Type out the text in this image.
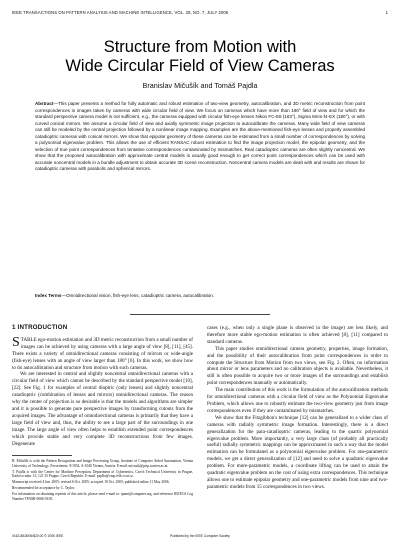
IEEE TRANSACTIONS ON PATTERN ANALYSIS AND MACHINE INTELLIGENCE, VOL. 28, NO. 7, JULY 2006	1
Structure from Motion with
Wide Circular Field of View Cameras
Branislav Mičušík and Tomáš Pajdla
Abstract—This paper presents a method for fully automatic and robust estimation of two-view geometry, autocalibration, and 3D metric reconstruction from point correspondences in images taken by cameras with wide circular field of view. We focus on cameras which have more than 180° field of view and for which the standard perspective camera model is not sufficient, e.g., the cameras equipped with circular fish-eye lenses Nikon FC-E8 (183°), Sigma 8mm-f4-EX (180°), or with curved conical mirrors. We assume a circular field of view and axially symmetric image projection to autocalibrate the cameras. Many wide field of view cameras can still be modeled by the central projection followed by a nonlinear image mapping. Examples are the above-mentioned fish-eye lenses and properly assembled catadioptric cameras with conical mirrors. We show that epipolar geometry of these cameras can be estimated from a small number of correspondences by solving a polynomial eigenvalue problem. This allows the use of efficient RANSAC robust estimation to find the image projection model, the epipolar geometry, and the selection of true point correspondences from tentative correspondences contaminated by mismatches. Real catadioptric cameras are often slightly noncentral. We show that the proposed autocalibration with approximate central models is usually good enough to get correct point correspondences which can be used with accurate noncentral models in a bundle adjustment to obtain accurate 3D scene reconstruction. Noncentral camera models are dealt with and results are shown for catadioptric cameras with parabolic and spherical mirrors.
Index Terms—Omnidirectional vision, fish-eye lens, catadioptric camera, autocalibration.
1 INTRODUCTION

STABLE ego-motion estimation and 3D metric reconstruction from a small number of images can be achieved by using cameras with a large angle of view [8], [11], [45]. There exists a variety of omnidirectional cameras consisting of mirrors or wide-angle (fish-eye) lenses with an angle of view larger than 180° [6]. In this work, we show how to do autocalibration and structure from motion with such cameras.

We are interested in central and slightly noncentral omnidirectional cameras with a circular field of view which cannot be described by the standard perspective model [10], [22]. See Fig. 1 for examples of central dioptric (only lenses) and slightly noncentral catadioptric (combination of lenses and mirrors) omnidirectional cameras. The reason why the center of projection is so desirable is that the models and algorithms are simpler and it is possible to generate pure perspective images by transforming cutouts from the acquired images. The advantage of omnidirectional cameras is primarily that they have a large field of view and, thus, the ability to see a large part of the surroundings in one image. The large angle of view often helps to establish extended point correspondences which provide stable and very complete 3D reconstructions from few images. Degenerate

B. Mičušík is with the Pattern Recognition and Image Processing Group, Institute of Computer Aided Automation, Vienna University of Technology, Favoritenstr. 9/1832, A-1040 Vienna, Austria. E-mail: micusik@prip.tuwien.ac.at.

T. Pajdla is with the Center for Machine Perception, Department of Cybernetics, Czech Technical University in Prague, Karlovo nám. 13, 121 35 Prague, Czech Republic. E-mail: pajdla@cmp.felk.cvut.cz.

Manuscript received 4 Jan. 2005; revised 6 Oct. 2005; accepted 19 Oct. 2005; published online 11 May 2006.

Recommended for acceptance by C. Taylor.

For information on obtaining reprints of this article, please send e-mail to: tpami@computer.org, and reference IEEECS Log Number TPAMI-0006-0105.

cases (e.g., when only a single plane is observed in the image) are less likely, and therefore more stable ego-motion estimation is often achieved [8], [11] compared to standard cameras.

This paper studies omnidirectional camera geometry, properties, image formation, and the possibility of their autocalibration from point correspondences in order to compute the Structure from Motion from two views, see Fig. 2. Often, no information about mirror or lens parameters and no calibration objects is available. Nevertheless, it still is often possible to acquire two or more images of the surroundings and establish point correspondences manually or automatically.

The main contribution of this work is the formulation of the autocalibration methods for omnidirectional cameras with a circular field of view as the Polynomial Eigenvalue Problem, which allows one to robustly estimate the two-view geometry just from image correspondences even if they are contaminated by mismatches.

We show that the Fitzgibbon's technique [12] can be generalized to a wider class of cameras with radially symmetric image formation. Interestingly, there is a direct generalization for the para-catadioptric cameras, leading to the quartic polynomial eigenvalue problem. More importantly, a very large class (of probably all practically useful) radially symmetric mappings can be approximated in such a way that the model estimation can be formulated as a polynomial eigenvalue problem. For one-parametric models, we get a direct generalization of [12] and need to solve a quadratic eigenvalue problem. For more-parametric models, a coordinate lifting can be used to attain the quadratic eigenvalue problem on the cost of using extra correspondences. This technique allows one to estimate epipolar geometry and one-parametric models from nine and two-parametric models from 15 correspondences in two views.

0162-8828/06/$20.00 © 2006 IEEE	Published by the IEEE Computer Society
